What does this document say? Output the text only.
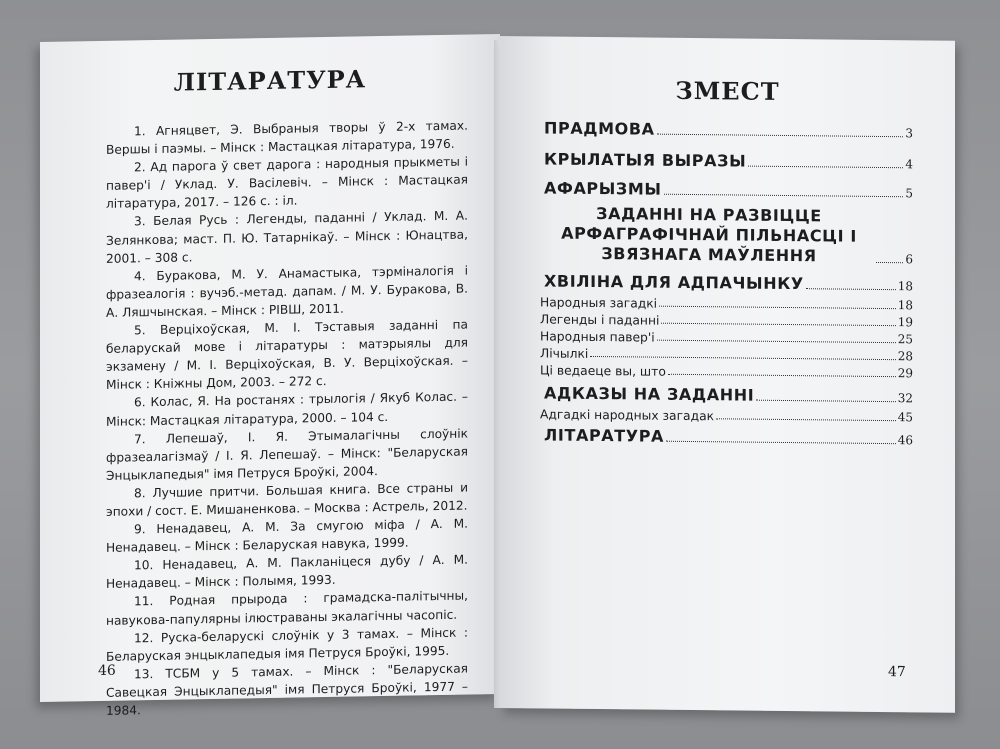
ЛІТАРАТУРА

1. Агняцвет, Э. Выбраныя творы ў 2-х тамах. Вершы і паэмы. – Мінск : Мастацкая літаратура, 1976.

2. Ад парога ў свет дарога : народныя прыкметы і павер'і / Уклад. У. Васілевіч. – Мінск : Мастацкая літаратура, 2017. – 126 с. : іл.

3. Белая Русь : Легенды, паданні / Уклад. М. А. Зелянкова; маст. П. Ю. Татарнікаў. – Мінск : Юнацтва, 2001. – 308 с.

4. Буракова, М. У. Анамастыка, тэрміналогія і фразеалогія : вучэб.-метад. дапам. / М. У. Буракова, В. А. Ляшчынская. – Мінск : РІВШ, 2011.

5. Верціхоўская, М. І. Тэставыя заданні па беларускай мове і літаратуры : матэрыялы для экзамену / М. І. Верціхоўская, В. У. Верціхоўская. – Мінск : Кніжны Дом, 2003. – 272 с.

6. Колас, Я. На ростанях : трылогія / Якуб Колас. – Мінск: Мастацкая літаратура, 2000. – 104 с.

7. Лепешаў, І. Я. Этымалагічны слоўнік фразеалагізмаў / І. Я. Лепешаў. – Мінск: "Беларуская Энцыклапедыя" імя Петруся Броўкі, 2004.

8. Лучшие притчи. Большая книга. Все страны и эпохи / сост. Е. Мишаненкова. – Москва : Астрель, 2012.

9. Ненадавец, А. М. За смугою міфа / А. М. Ненадавец. – Мінск : Беларуская навука, 1999.

10. Ненадавец, А. М. Пакланіцеся дубу / А. М. Ненадавец. – Мінск : Полымя, 1993.

11. Родная прырода : грамадска-палітычны, навукова-папулярны ілюстраваны экалагічны часопіс.

12. Руска-беларускі слоўнік у 3 тамах. – Мінск : Беларуская энцыклапедыя імя Петруся Броўкі, 1995.

13. ТСБМ у 5 тамах. – Мінск : "Беларуская Савецкая Энцыклапедыя" імя Петруся Броўкі, 1977 – 1984.

46
ЗМЕСТ
ПРАДМОВА	3
КРЫЛАТЫЯ ВЫРАЗЫ	4
АФАРЫЗМЫ	5
ЗАДАННІ НА РАЗВІЦЦЕ АРФАГРАФІЧНАЙ ПІЛЬНАСЦІ І ЗВЯЗНАГА МАЎЛЕННЯ	6
ХВІЛІНА ДЛЯ АДПАЧЫНКУ	18
Народныя загадкі	18
Легенды і паданні	19
Народныя павер'і	25
Лічылкі	28
Ці ведаеце вы, што	29
АДКАЗЫ НА ЗАДАННІ	32
Адгадкі народных загадак	45
ЛІТАРАТУРА	46
47
